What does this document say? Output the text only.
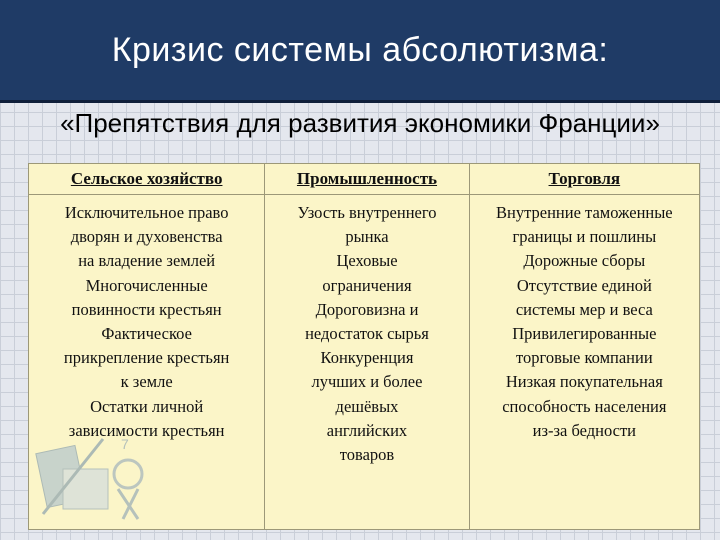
Кризис системы абсолютизма:
«Препятствия для развития экономики Франции»
7
Сельское хозяйство
Исключительное право
дворян и духовенства
на владение землей
Многочисленные
повинности крестьян
Фактическое
прикрепление крестьян
к земле
Остатки личной
зависимости крестьян
Промышленность
Узость внутреннего
рынка
Цеховые
ограничения
Дороговизна и
недостаток сырья
Конкуренция
лучших и более
дешёвых
английских
товаров
Торговля
Внутренние таможенные
границы и пошлины
Дорожные сборы
Отсутствие единой
системы мер и веса
Привилегированные
торговые компании
Низкая покупательная
способность населения
из-за бедности
